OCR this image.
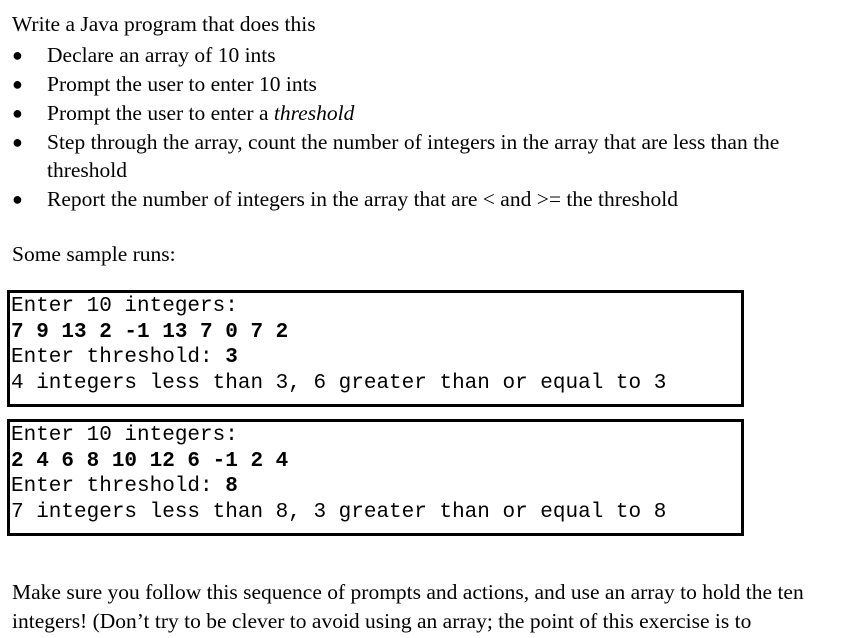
Write a Java program that does this
● Declare an array of 10 ints
● Prompt the user to enter 10 ints
● Prompt the user to enter a threshold
● Step through the array, count the number of integers in the array that are less than the threshold
● Report the number of integers in the array that are < and >= the threshold
Some sample runs:
Enter 10 integers:
7 9 13 2 -1 13 7 0 7 2
Enter threshold: 3
4 integers less than 3, 6 greater than or equal to 3
Enter 10 integers:
2 4 6 8 10 12 6 -1 2 4
Enter threshold: 8
7 integers less than 8, 3 greater than or equal to 8
Make sure you follow this sequence of prompts and actions, and use an array to hold the ten integers! (Don’t try to be clever to avoid using an array; the point of this exercise is to
